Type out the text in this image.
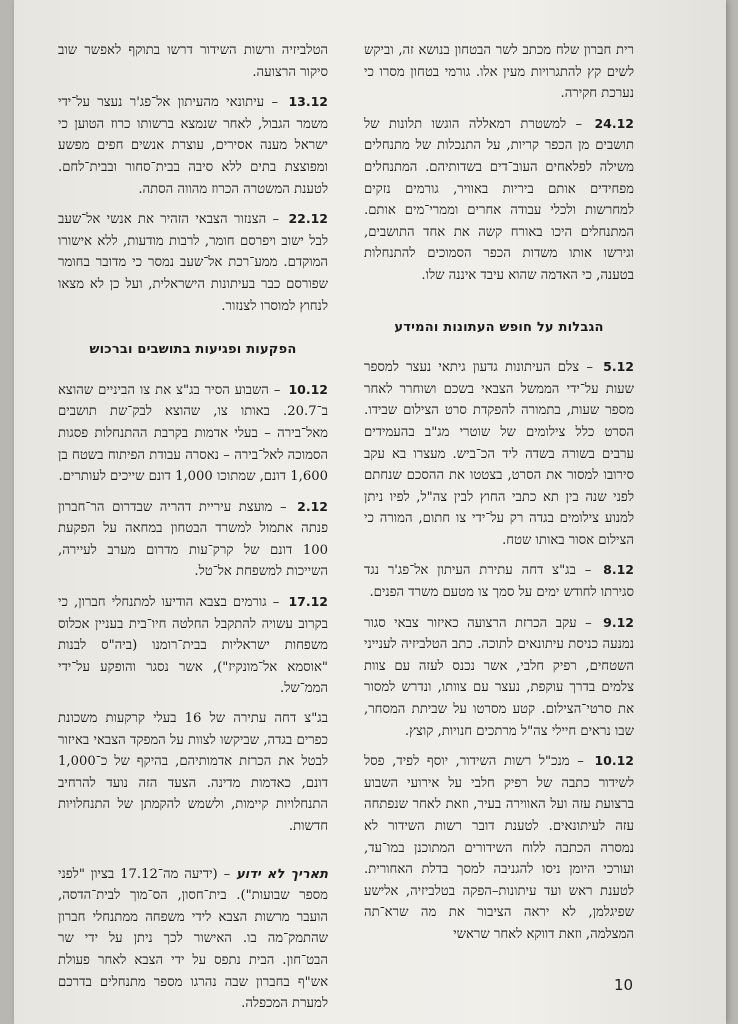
רית חברון שלח מכתב לשר הבטחון בנושא זה, וביקש לשים קץ להתגרויות מעין אלו. גורמי בטחון מסרו כי נערכת חקירה.

24.12 – למשטרת רמאללה הוגשו תלונות של תושבים מן הכפר קריות, על התנכלות של מתנחלים משילה לפלאחים העוב־דים בשדותיהם. המתנחלים מפחידים אותם ביריות באוויר, גורמים נזקים למחרשות ולכלי עבודה אחרים וממרי־מים אותם. המתנחלים היכו באורח קשה את אחד התושבים, וגירשו אותו משדות הכפר הסמוכים להתנחלות בטענה, כי האדמה שהוא עיבד איננה שלו.

הגבלות על חופש העתונות והמידע

5.12 – צלם העיתונות גדעון גיתאי נעצר למספר שעות על־ידי הממשל הצבאי בשכם ושוחרר לאחר מספר שעות, בתמורה להפקדת סרט הצילום שבידו. הסרט כלל צילומים של שוטרי מג"ב בהעמידים ערבים בשורה בשדה ליד הכ־ביש. מעצרו בא עקב סירובו למסור את הסרט, בצטטו את ההסכם שנחתם לפני שנה בין תא כתבי החוץ לבין צה"ל, לפיו ניתן למנוע צילומים בגדה רק על־ידי צו חתום, המורה כי הצילום אסור באותו שטח.

8.12 – בג"צ דחה עתירת העיתון אל־פג'ר נגד סגירתו לחודש ימים על סמך צו מטעם משרד הפנים.

9.12 – עקב הכרזת הרצועה כאיזור צבאי סגור נמנעה כניסת עיתונאים לתוכה. כתב הטלביזיה לענייני השטחים, רפיק חלבי, אשר נכנס לעזה עם צוות צלמים בדרך עוקפת, נעצר עם צוותו, ונדרש למסור את סרטי־הצילום. קטע מסרטו על שביתת המסחר, שבו נראים חיילי צה"ל מרתכים חנויות, קוצץ.

10.12 – מנכ"ל רשות השידור, יוסף לפיד, פסל לשידור כתבה של רפיק חלבי על אירועי השבוע ברצועת עזה ועל האווירה בעיר, וזאת לאחר שנפתחה עזה לעיתונאים. לטענת דובר רשות השידור לא נמסרה הכתבה ללוח השידורים המתוכנן במו־עד, ועורכי היומן ניסו להגניבה למסך בדלת האחורית. לטענת ראש ועד עיתונות–הפקה בטלביזיה, אלישע שפיגלמן, לא יראה הציבור את מה שרא־תה המצלמה, וזאת דווקא לאחר שראשי

הטלביזיה ורשות השידור דרשו בתוקף לאפשר שוב סיקור הרצועה.

13.12 – עיתונאי מהעיתון אל־פג'ר נעצר על־ידי משמר הגבול, לאחר שנמצא ברשותו כרוז הטוען כי ישראל מענה אסירים, עוצרת אנשים חפים מפשע ומפוצצת בתים ללא סיבה בבית־סחור ובבית־לחם. לטענת המשטרה הכרוז מהווה הסתה.

22.12 – הצנזור הצבאי הזהיר את אנשי אל־שעב לבל ישוב ויפרסם חומר, לרבות מודעות, ללא אישורו המוקדם. ממע־רכת אל־שעב נמסר כי מדובר בחומר שפורסם כבר בעיתונות הישראלית, ועל כן לא מצאו לנחוץ למוסרו לצנזור.

הפקעות ופגיעות בתושבים וברכוש

10.12 – השבוע הסיר בג"צ את צו הביניים שהוצא ב־20.7. באותו צו, שהוצא לבק־שת תושבים מאל־בירה – בעלי אדמות בקרבת ההתנחלות פסגות הסמוכה לאל־בירה – נאסרה עבודת הפיתוח בשטח בן 1,600 דונם, שמתוכו 1,000 דונם שייכים לעותרים.

2.12 – מועצת עיריית דהריה שבדרום הר־חברון פנתה אתמול למשרד הבטחון במחאה על הפקעת 100 דונם של קרק־עות מדרום מערב לעיירה, השייכות למשפחת אל־טל.

17.12 – גורמים בצבא הודיעו למתנחלי חברון, כי בקרוב עשויה להתקבל החלטה חיו־בית בעניין אכלוס משפחות ישראליות בבית־רומנו (ביה"ס לבנות "אוסמא אל־מונקיז"), אשר נסגר והופקע על־ידי הממ־של.

בג"צ דחה עתירה של 16 בעלי קרקעות משכונת כפרים בגדה, שביקשו לצוות על המפקד הצבאי באיזור לבטל את הכרזת אדמותיהם, בהיקף של כ־1,000 דונם, כאדמות מדינה. הצעד הזה נועד להרחיב התנחלויות קיימות, ולשמש להקמתן של התנחלויות חדשות.

תאריך לא ידוע – (ידיעה מה־17.12 בציון "לפני מספר שבועות"). בית־חסון, הס־מוך לבית־הדסה, הועבר מרשות הצבא לידי משפחה ממתנחלי חברון שהתמק־מה בו. האישור לכך ניתן על ידי שר הבט־חון. הבית נתפס על ידי הצבא לאחר פעולת אש"ף בחברון שבה נהרגו מספר מתנחלים בדרכם למערת המכפלה.

10
